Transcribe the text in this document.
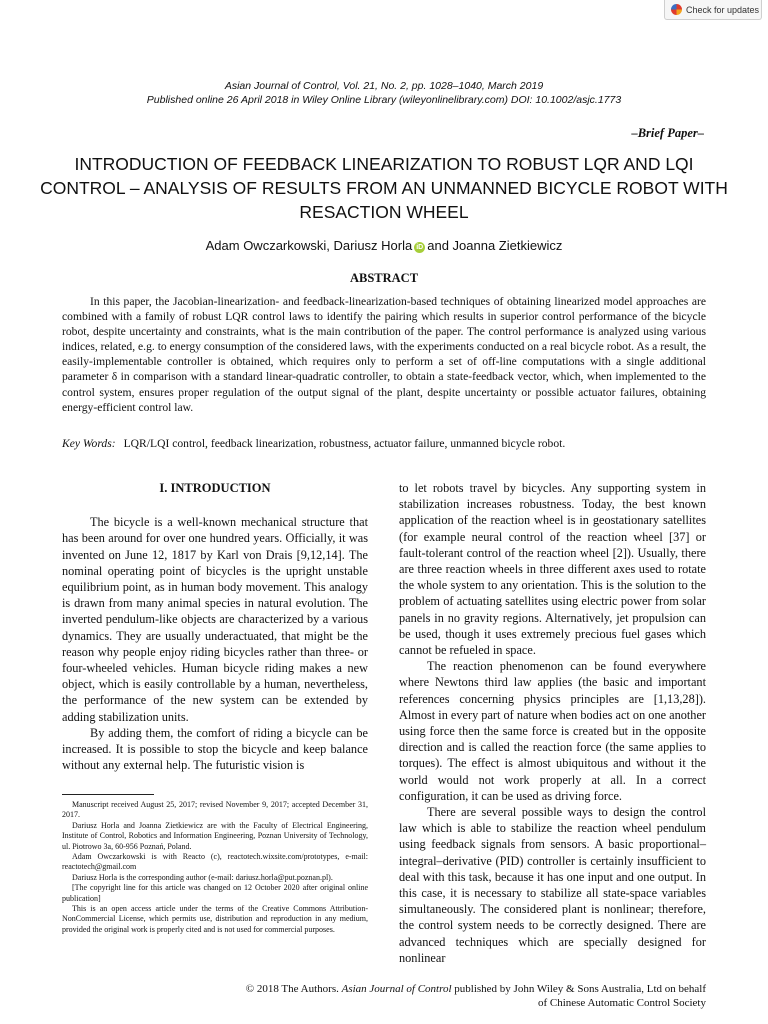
Check for updates
Asian Journal of Control, Vol. 21, No. 2, pp. 1028–1040, March 2019
Published online 26 April 2018 in Wiley Online Library (wileyonlinelibrary.com) DOI: 10.1002/asjc.1773
–Brief Paper–
INTRODUCTION OF FEEDBACK LINEARIZATION TO ROBUST LQR AND LQI CONTROL – ANALYSIS OF RESULTS FROM AN UNMANNED BICYCLE ROBOT WITH RESACTION WHEEL
Adam Owczarkowski, Dariusz Horla iD and Joanna Zietkiewicz
ABSTRACT

In this paper, the Jacobian-linearization- and feedback-linearization-based techniques of obtaining linearized model approaches are combined with a family of robust LQR control laws to identify the pairing which results in superior control performance of the bicycle robot, despite uncertainty and constraints, what is the main contribution of the paper. The control performance is analyzed using various indices, related, e.g. to energy consumption of the considered laws, with the experiments conducted on a real bicycle robot. As a result, the easily-implementable controller is obtained, which requires only to perform a set of off-line computations with a single additional parameter δ in comparison with a standard linear-quadratic controller, to obtain a state-feedback vector, which, when implemented to the control system, ensures proper regulation of the output signal of the plant, despite uncertainty or possible actuator failures, obtaining energy-efficient control law.

Key Words: LQR/LQI control, feedback linearization, robustness, actuator failure, unmanned bicycle robot.
I. INTRODUCTION

The bicycle is a well-known mechanical structure that has been around for over one hundred years. Officially, it was invented on June 12, 1817 by Karl von Drais [9,12,14]. The nominal operating point of bicycles is the upright unstable equilibrium point, as in human body movement. This analogy is drawn from many animal species in natural evolution. The inverted pendulum-like objects are characterized by a various dynamics. They are usually underactuated, that might be the reason why people enjoy riding bicycles rather than three- or four-wheeled vehicles. Human bicycle riding makes a new object, which is easily controllable by a human, nevertheless, the performance of the new system can be extended by adding stabilization units.

By adding them, the comfort of riding a bicycle can be increased. It is possible to stop the bicycle and keep balance without any external help. The futuristic vision is

to let robots travel by bicycles. Any supporting system in stabilization increases robustness. Today, the best known application of the reaction wheel is in geostationary satellites (for example neural control of the reaction wheel [37] or fault-tolerant control of the reaction wheel [2]). Usually, there are three reaction wheels in three different axes used to rotate the whole system to any orientation. This is the solution to the problem of actuating satellites using electric power from solar panels in no gravity regions. Alternatively, jet propulsion can be used, though it uses extremely precious fuel gases which cannot be refueled in space.

The reaction phenomenon can be found everywhere where Newtons third law applies (the basic and important references concerning physics principles are [1,13,28]). Almost in every part of nature when bodies act on one another using force then the same force is created but in the opposite direction and is called the reaction force (the same applies to torques). The effect is almost ubiquitous and without it the world would not work properly at all. In a correct configuration, it can be used as driving force.

There are several possible ways to design the control law which is able to stabilize the reaction wheel pendulum using feedback signals from sensors. A basic proportional–integral–derivative (PID) controller is certainly insufficient to deal with this task, because it has one input and one output. In this case, it is necessary to stabilize all state-space variables simultaneously. The considered plant is nonlinear; therefore, the control system needs to be correctly designed. There are advanced techniques which are specially designed for nonlinear

Manuscript received August 25, 2017; revised November 9, 2017; accepted December 31, 2017.

Dariusz Horla and Joanna Zietkiewicz are with the Faculty of Electrical Engineering, Institute of Control, Robotics and Information Engineering, Poznan University of Technology, ul. Piotrowo 3a, 60-956 Poznań, Poland.

Adam Owczarkowski is with Reacto (c), reactotech.wixsite.com/prototypes, e-mail: reactotech@gmail.com

Dariusz Horla is the corresponding author (e-mail: dariusz.horla@put.poznan.pl).

[The copyright line for this article was changed on 12 October 2020 after original online publication]

This is an open access article under the terms of the Creative Commons Attribution-NonCommercial License, which permits use, distribution and reproduction in any medium, provided the original work is properly cited and is not used for commercial purposes.

© 2018 The Authors. Asian Journal of Control published by John Wiley & Sons Australia, Ltd on behalf
of Chinese Automatic Control Society
